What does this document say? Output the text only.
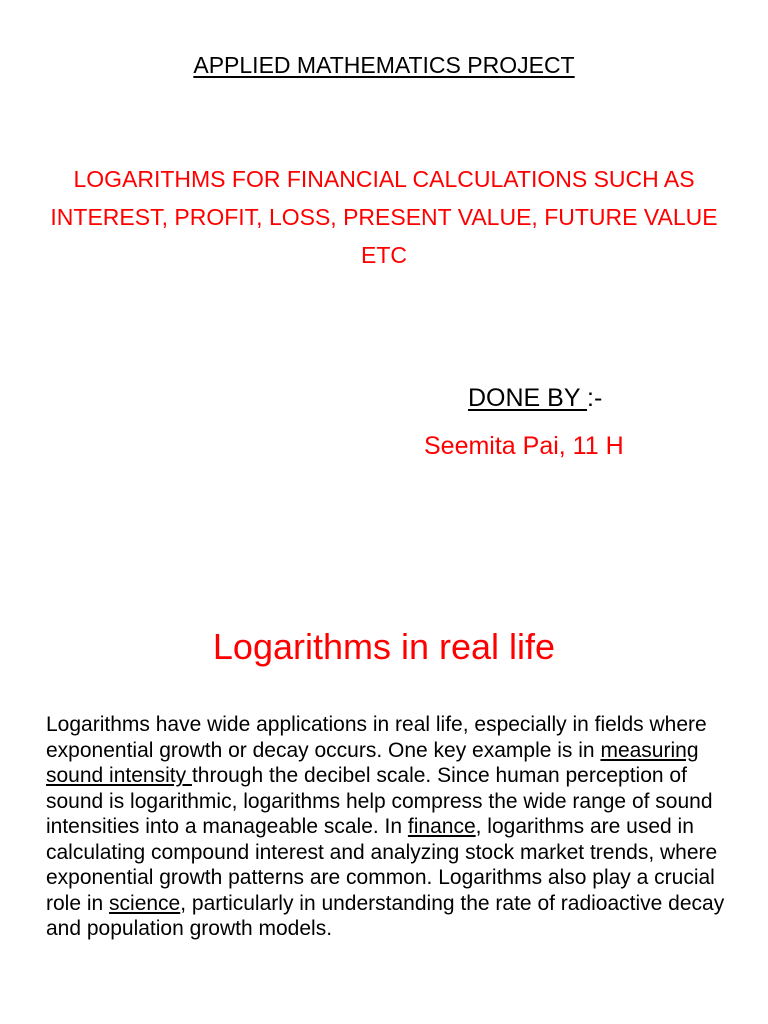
APPLIED MATHEMATICS PROJECT
LOGARITHMS FOR FINANCIAL CALCULATIONS SUCH AS INTEREST, PROFIT, LOSS, PRESENT VALUE, FUTURE VALUE ETC
DONE BY :-
Seemita Pai, 11 H
Logarithms in real life
Logarithms have wide applications in real life, especially in fields where exponential growth or decay occurs. One key example is in measuring sound intensity through the decibel scale. Since human perception of sound is logarithmic, logarithms help compress the wide range of sound intensities into a manageable scale. In finance, logarithms are used in calculating compound interest and analyzing stock market trends, where exponential growth patterns are common. Logarithms also play a crucial role in science, particularly in understanding the rate of radioactive decay and population growth models.
